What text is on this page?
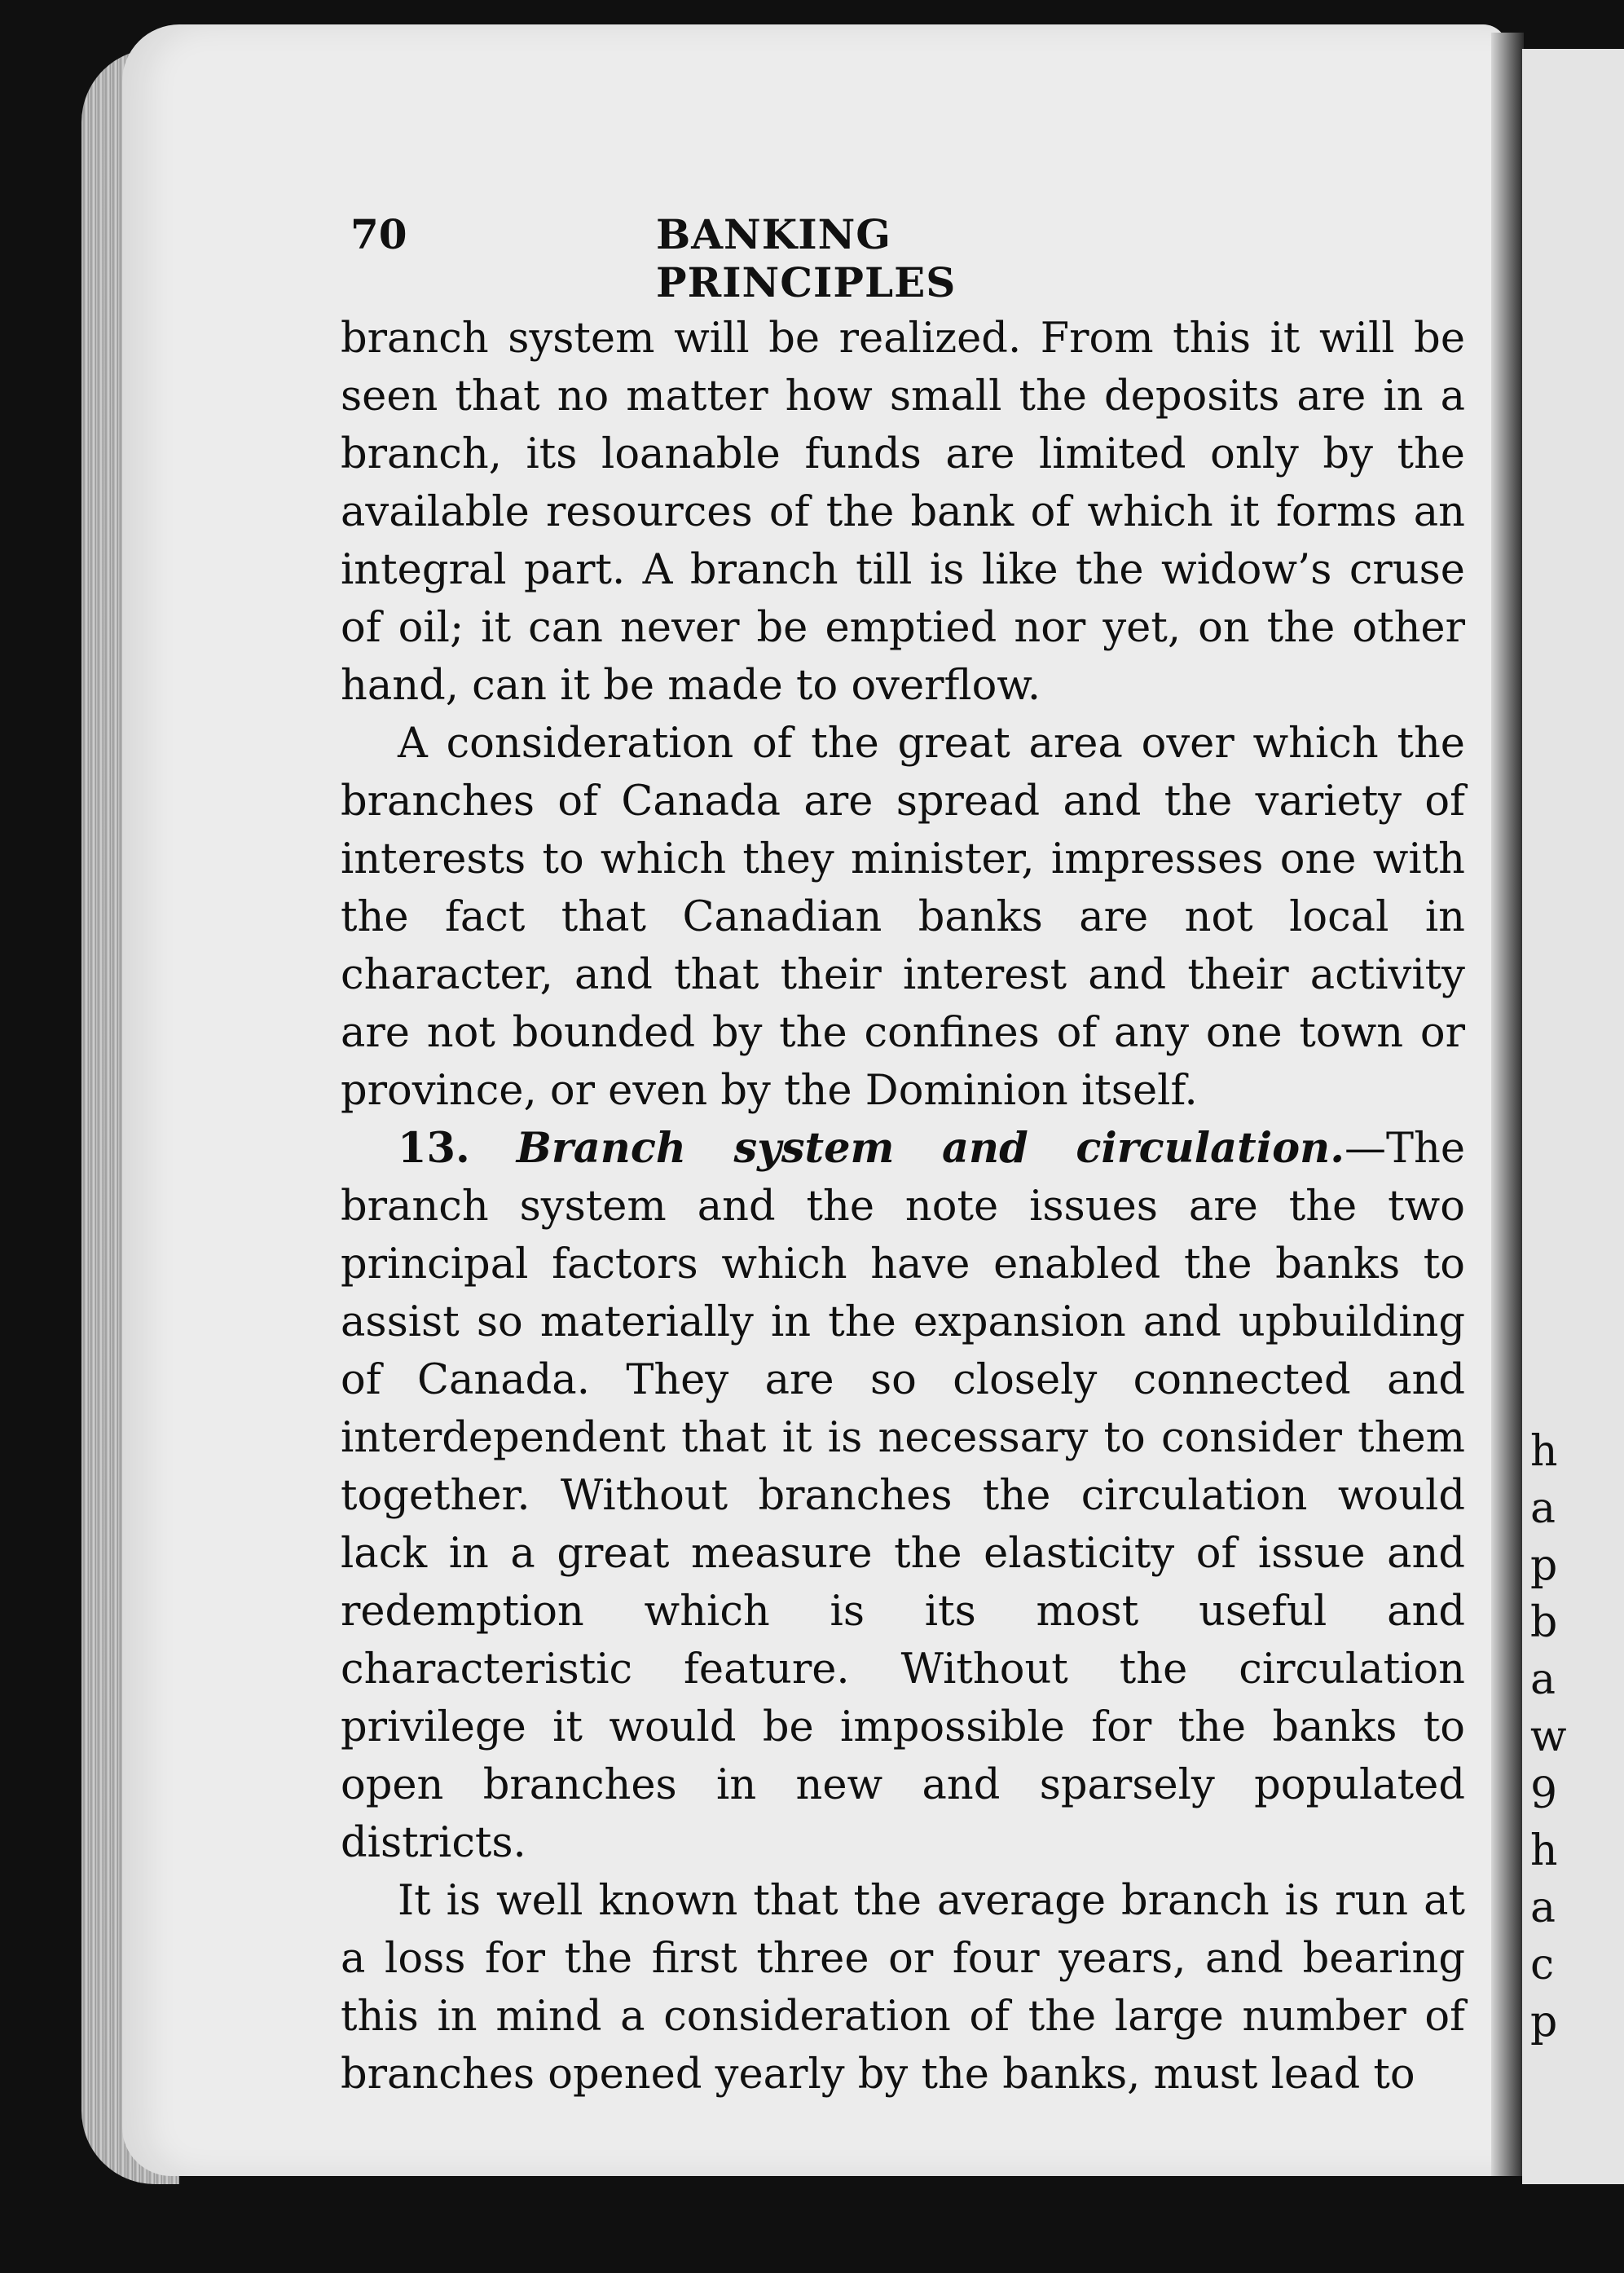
h
a
p
b
a
w
9
h
a
c
p
70	BANKING PRINCIPLES

branch system will be realized. From this it will be seen that no matter how small the deposits are in a branch, its loanable funds are limited only by the available resources of the bank of which it forms an integral part. A branch till is like the widow’s cruse of oil; it can never be emptied nor yet, on the other hand, can it be made to overflow.

A consideration of the great area over which the branches of Canada are spread and the variety of interests to which they minister, impresses one with the fact that Canadian banks are not local in character, and that their interest and their activity are not bounded by the confines of any one town or province, or even by the Dominion itself.

13. Branch system and circulation.—The branch system and the note issues are the two principal factors which have enabled the banks to assist so materially in the expansion and upbuilding of Canada. They are so closely connected and interdependent that it is necessary to consider them together. Without branches the circulation would lack in a great measure the elasticity of issue and redemption which is its most useful and characteristic feature. Without the circulation privilege it would be impossible for the banks to open branches in new and sparsely populated districts.

It is well known that the average branch is run at a loss for the first three or four years, and bearing this in mind a consideration of the large number of branches opened yearly by the banks, must lead to
